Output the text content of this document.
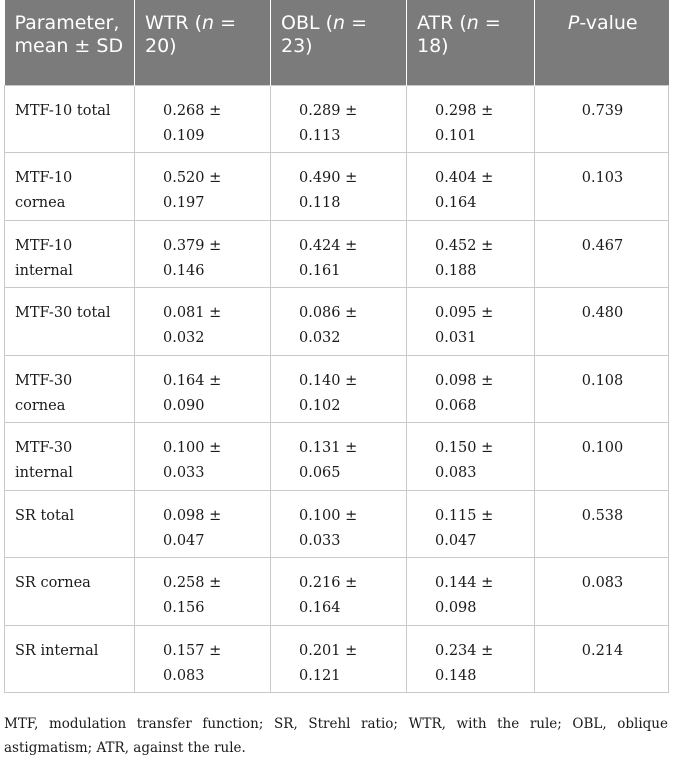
Parameter, mean ± SD	WTR (n = 20)	OBL (n = 23)	ATR (n = 18)	P-value
MTF-10 total	0.268 ± 0.109	0.289 ± 0.113	0.298 ± 0.101	0.739
MTF-10 cornea	0.520 ± 0.197	0.490 ± 0.118	0.404 ± 0.164	0.103
MTF-10 internal	0.379 ± 0.146	0.424 ± 0.161	0.452 ± 0.188	0.467
MTF-30 total	0.081 ± 0.032	0.086 ± 0.032	0.095 ± 0.031	0.480
MTF-30 cornea	0.164 ± 0.090	0.140 ± 0.102	0.098 ± 0.068	0.108
MTF-30 internal	0.100 ± 0.033	0.131 ± 0.065	0.150 ± 0.083	0.100
SR total	0.098 ± 0.047	0.100 ± 0.033	0.115 ± 0.047	0.538
SR cornea	0.258 ± 0.156	0.216 ± 0.164	0.144 ± 0.098	0.083
SR internal	0.157 ± 0.083	0.201 ± 0.121	0.234 ± 0.148	0.214
MTF, modulation transfer function; SR, Strehl ratio; WTR, with the rule; OBL, oblique astigmatism; ATR, against the rule.
